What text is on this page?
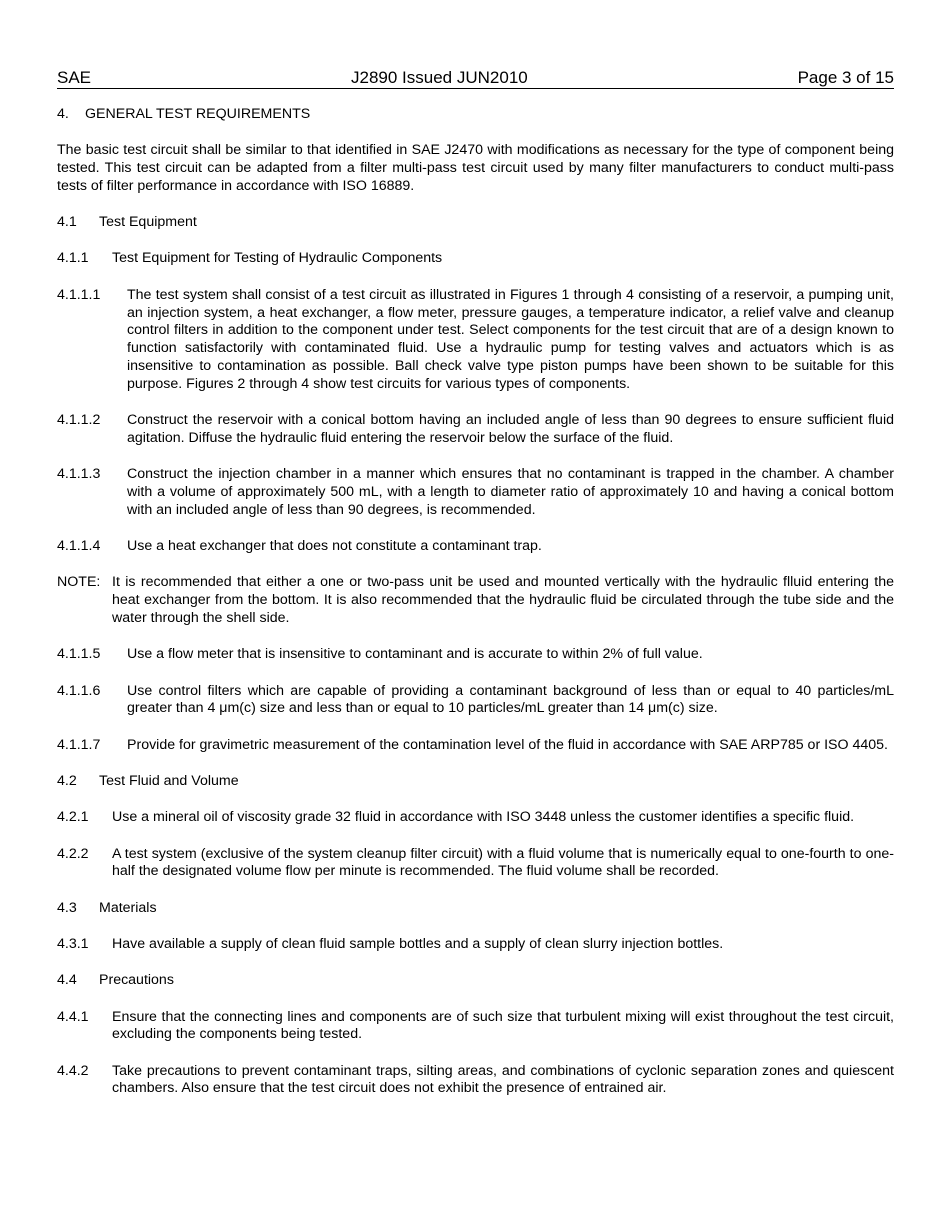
SAE	J2890 Issued JUN2010	Page 3 of 15
4.	GENERAL TEST REQUIREMENTS

The basic test circuit shall be similar to that identified in SAE J2470 with modifications as necessary for the type of component being tested. This test circuit can be adapted from a filter multi-pass test circuit used by many filter manufacturers to conduct multi-pass tests of filter performance in accordance with ISO 16889.

4.1	Test Equipment
4.1.1	Test Equipment for Testing of Hydraulic Components
4.1.1.1	The test system shall consist of a test circuit as illustrated in Figures 1 through 4 consisting of a reservoir, a pumping unit, an injection system, a heat exchanger, a flow meter, pressure gauges, a temperature indicator, a relief valve and cleanup control filters in addition to the component under test. Select components for the test circuit that are of a design known to function satisfactorily with contaminated fluid. Use a hydraulic pump for testing valves and actuators which is as insensitive to contamination as possible. Ball check valve type piston pumps have been shown to be suitable for this purpose. Figures 2 through 4 show test circuits for various types of components.
4.1.1.2	Construct the reservoir with a conical bottom having an included angle of less than 90 degrees to ensure sufficient fluid agitation. Diffuse the hydraulic fluid entering the reservoir below the surface of the fluid.
4.1.1.3	Construct the injection chamber in a manner which ensures that no contaminant is trapped in the chamber. A chamber with a volume of approximately 500 mL, with a length to diameter ratio of approximately 10 and having a conical bottom with an included angle of less than 90 degrees, is recommended.
4.1.1.4	Use a heat exchanger that does not constitute a contaminant trap.
NOTE: It is recommended that either a one or two-pass unit be used and mounted vertically with the hydraulic flluid entering the heat exchanger from the bottom. It is also recommended that the hydraulic fluid be circulated through the tube side and the water through the shell side.
4.1.1.5	Use a flow meter that is insensitive to contaminant and is accurate to within 2% of full value.
4.1.1.6	Use control filters which are capable of providing a contaminant background of less than or equal to 40 particles/mL greater than 4 μm(c) size and less than or equal to 10 particles/mL greater than 14 μm(c) size.
4.1.1.7	Provide for gravimetric measurement of the contamination level of the fluid in accordance with SAE ARP785 or ISO 4405.
4.2	Test Fluid and Volume
4.2.1	Use a mineral oil of viscosity grade 32 fluid in accordance with ISO 3448 unless the customer identifies a specific fluid.
4.2.2	A test system (exclusive of the system cleanup filter circuit) with a fluid volume that is numerically equal to one-fourth to one-half the designated volume flow per minute is recommended. The fluid volume shall be recorded.
4.3	Materials
4.3.1	Have available a supply of clean fluid sample bottles and a supply of clean slurry injection bottles.
4.4	Precautions
4.4.1	Ensure that the connecting lines and components are of such size that turbulent mixing will exist throughout the test circuit, excluding the components being tested.
4.4.2	Take precautions to prevent contaminant traps, silting areas, and combinations of cyclonic separation zones and quiescent chambers. Also ensure that the test circuit does not exhibit the presence of entrained air.
